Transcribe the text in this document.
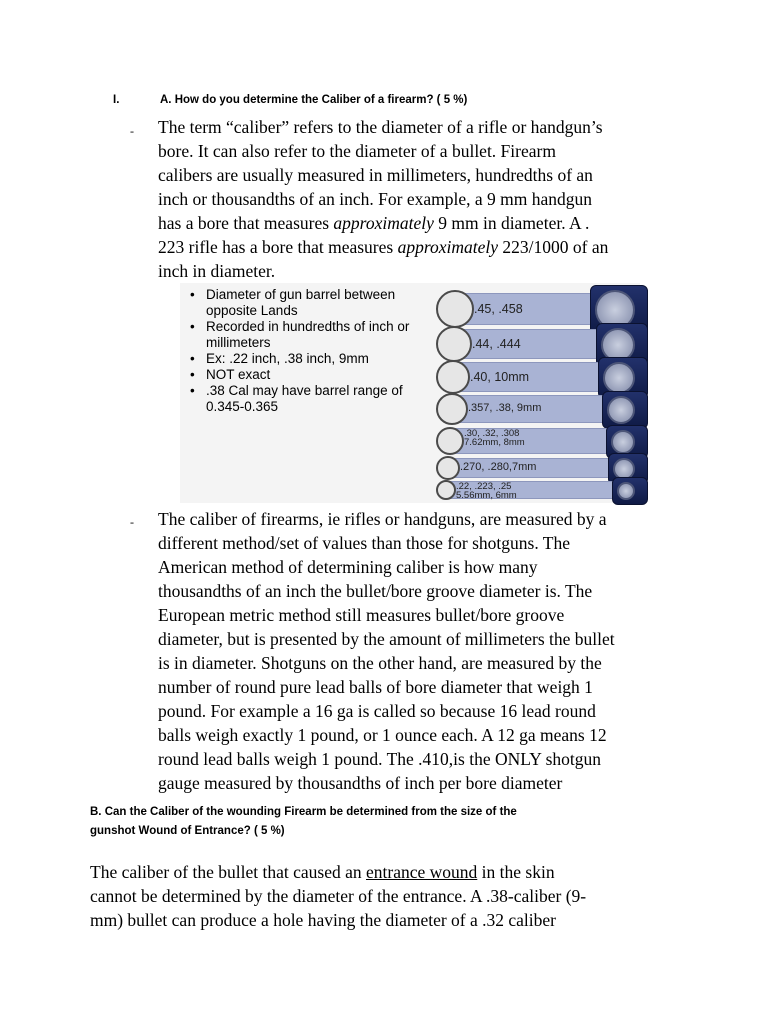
I.	A. How do you determine the Caliber of a firearm? ( 5 %)
- The term “caliber” refers to the diameter of a rifle or handgun’s
bore. It can also refer to the diameter of a bullet. Firearm
calibers are usually measured in millimeters, hundredths of an
inch or thousandths of an inch. For example, a 9 mm handgun
has a bore that measures approximately 9 mm in diameter. A .
223 rifle has a bore that measures approximately 223/1000 of an
inch in diameter.
• Diameter of gun barrel between opposite Lands
• Recorded in hundredths of inch or millimeters
• Ex: .22 inch, .38 inch, 9mm
• NOT exact
• .38 Cal may have barrel range of 0.345-0.365
.45, .458
.44, .444
.40, 10mm
.357, .38, 9mm
.30, .32, .308
7.62mm, 8mm
.270, .280,7mm
.22, .223, .25
5.56mm, 6mm
- The caliber of firearms, ie rifles or handguns, are measured by a
different method/set of values than those for shotguns. The
American method of determining caliber is how many
thousandths of an inch the bullet/bore groove diameter is. The
European metric method still measures bullet/bore groove
diameter, but is presented by the amount of millimeters the bullet
is in diameter. Shotguns on the other hand, are measured by the
number of round pure lead balls of bore diameter that weigh 1
pound. For example a 16 ga is called so because 16 lead round
balls weigh exactly 1 pound, or 1 ounce each. A 12 ga means 12
round lead balls weigh 1 pound. The .410,is the ONLY shotgun
gauge measured by thousandths of inch per bore diameter
B. Can the Caliber of the wounding Firearm be determined from the size of the
gunshot Wound of Entrance? ( 5 %)
The caliber of the bullet that caused an entrance wound in the skin
cannot be determined by the diameter of the entrance. A .38-caliber (9-
mm) bullet can produce a hole having the diameter of a .32 caliber
